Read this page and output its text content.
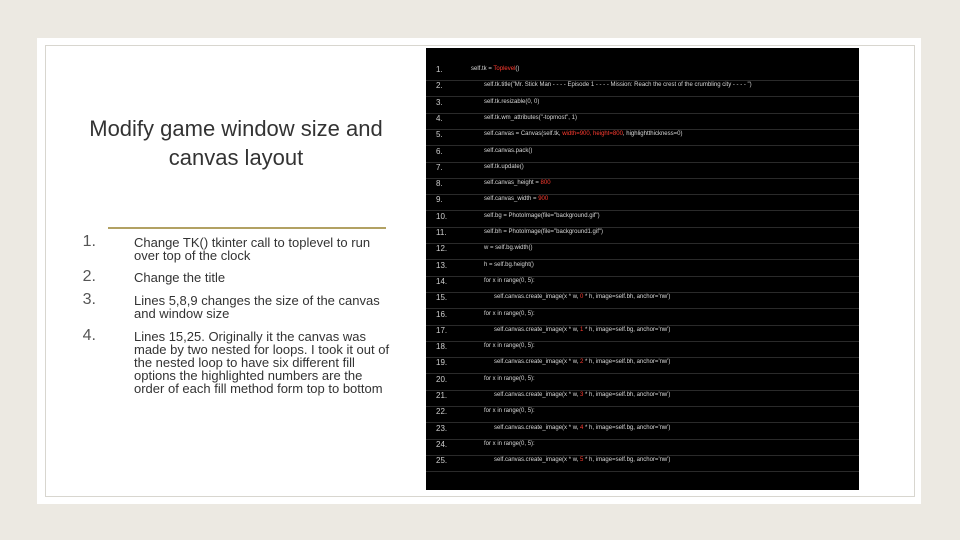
Modify game window size and canvas layout
1.	Change TK() tkinter call to toplevel to run over top of the clock
2.	Change the title
3.	Lines 5,8,9 changes the size of the canvas and window size
4.	Lines 15,25. Originally it the canvas was made by two nested for loops. I took it out of the nested loop to have six different fill options the highlighted numbers are the order of each fill method form top to bottom
1.	self.tk = Toplevel()
2.	self.tk.title("Mr. Stick Man - - - - Episode 1 - - - - Mission: Reach the crest of the crumbling city - - - - ")
3.	self.tk.resizable(0, 0)
4.	self.tk.wm_attributes("-topmost", 1)
5.	self.canvas = Canvas(self.tk, width=900, height=800, highlightthickness=0)
6.	self.canvas.pack()
7.	self.tk.update()
8.	self.canvas_height = 800
9.	self.canvas_width = 900
10.	self.bg = PhotoImage(file="background.gif")
11.	self.bh = PhotoImage(file="background1.gif")
12.	w = self.bg.width()
13.	h = self.bg.height()
14.	for x in range(0, 5):
15.	self.canvas.create_image(x * w, 0 * h, image=self.bh, anchor='nw')
16.	for x in range(0, 5):
17.	self.canvas.create_image(x * w, 1 * h, image=self.bg, anchor='nw')
18.	for x in range(0, 5):
19.	self.canvas.create_image(x * w, 2 * h, image=self.bh, anchor='nw')
20.	for x in range(0, 5):
21.	self.canvas.create_image(x * w, 3 * h, image=self.bh, anchor='nw')
22.	for x in range(0, 5):
23.	self.canvas.create_image(x * w, 4 * h, image=self.bg, anchor='nw')
24.	for x in range(0, 5):
25.	self.canvas.create_image(x * w, 5 * h, image=self.bg, anchor='nw')
